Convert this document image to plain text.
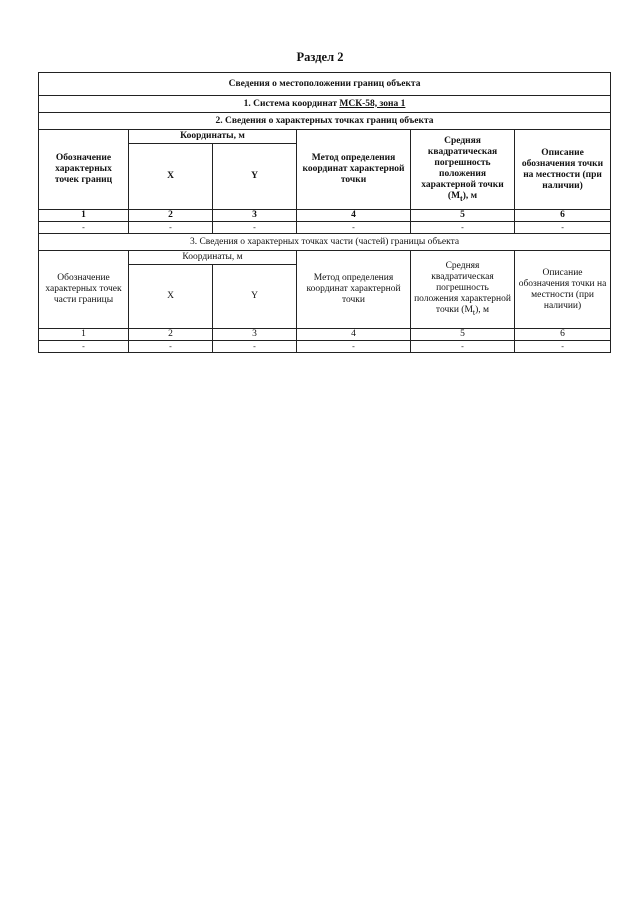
Раздел 2
Сведения о местоположении границ объекта					
1. Система координат МСК-58, зона 1					
2. Сведения о характерных точках границ объекта					
Обозначение характерных точек границ	Координаты, м		Метод определения координат характерной точки	Средняя квадратическая погрешность положения характерной точки $(M_t)$, м	Описание обозначения точки на местности (при наличии)
	X	Y			
1	2	3	4	5	6
-	-	-	-	-	-
3. Сведения о характерных точках части (частей) границы объекта					
Обозначение характерных точек части границы	Координаты, м		Метод определения координат характерной точки	Средняя квадратическая погрешность положения характерной точки $(M_t)$, м	Описание обозначения точки на местности (при наличии)
	X	Y			
1	2	3	4	5	6
-	-	-	-	-	-
